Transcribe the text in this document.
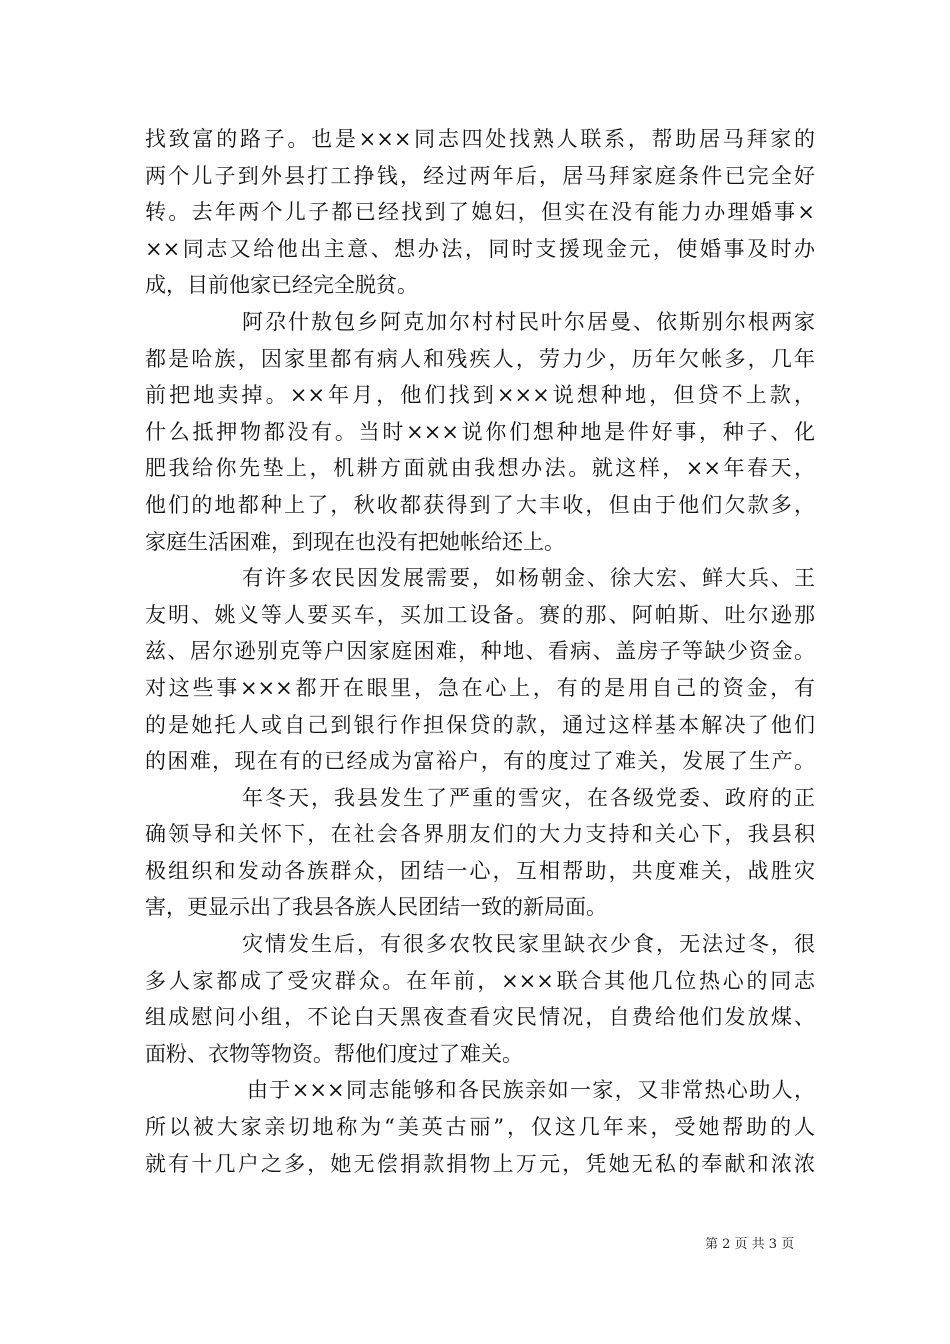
找致富的路子。也是×××同志四处找熟人联系，帮助居马拜家的
两个儿子到外县打工挣钱，经过两年后，居马拜家庭条件已完全好
转。去年两个儿子都已经找到了媳妇，但实在没有能力办理婚事×
××同志又给他出主意、想办法，同时支援现金元，使婚事及时办
成，目前他家已经完全脱贫。
阿尕什敖包乡阿克加尔村村民叶尔居曼、依斯别尔根两家
都是哈族，因家里都有病人和残疾人，劳力少，历年欠帐多，几年
前把地卖掉。××年月，他们找到×××说想种地，但贷不上款，
什么抵押物都没有。当时×××说你们想种地是件好事，种子、化
肥我给你先垫上，机耕方面就由我想办法。就这样，××年春天，
他们的地都种上了，秋收都获得到了大丰收，但由于他们欠款多，
家庭生活困难，到现在也没有把她帐给还上。
有许多农民因发展需要，如杨朝金、徐大宏、鲜大兵、王
友明、姚义等人要买车，买加工设备。赛的那、阿帕斯、吐尔逊那
兹、居尔逊别克等户因家庭困难，种地、看病、盖房子等缺少资金。
对这些事×××都开在眼里，急在心上，有的是用自己的资金，有
的是她托人或自己到银行作担保贷的款，通过这样基本解决了他们
的困难，现在有的已经成为富裕户，有的度过了难关，发展了生产。
年冬天，我县发生了严重的雪灾，在各级党委、政府的正
确领导和关怀下，在社会各界朋友们的大力支持和关心下，我县积
极组织和发动各族群众，团结一心，互相帮助，共度难关，战胜灾
害，更显示出了我县各族人民团结一致的新局面。
灾情发生后，有很多农牧民家里缺衣少食，无法过冬，很
多人家都成了受灾群众。在年前，×××联合其他几位热心的同志
组成慰问小组，不论白天黑夜查看灾民情况，自费给他们发放煤、
面粉、衣物等物资。帮他们度过了难关。
由于×××同志能够和各民族亲如一家，又非常热心助人，
所以被大家亲切地称为“美英古丽”，仅这几年来，受她帮助的人
就有十几户之多，她无偿捐款捐物上万元，凭她无私的奉献和浓浓
第 2 页 共 3 页
